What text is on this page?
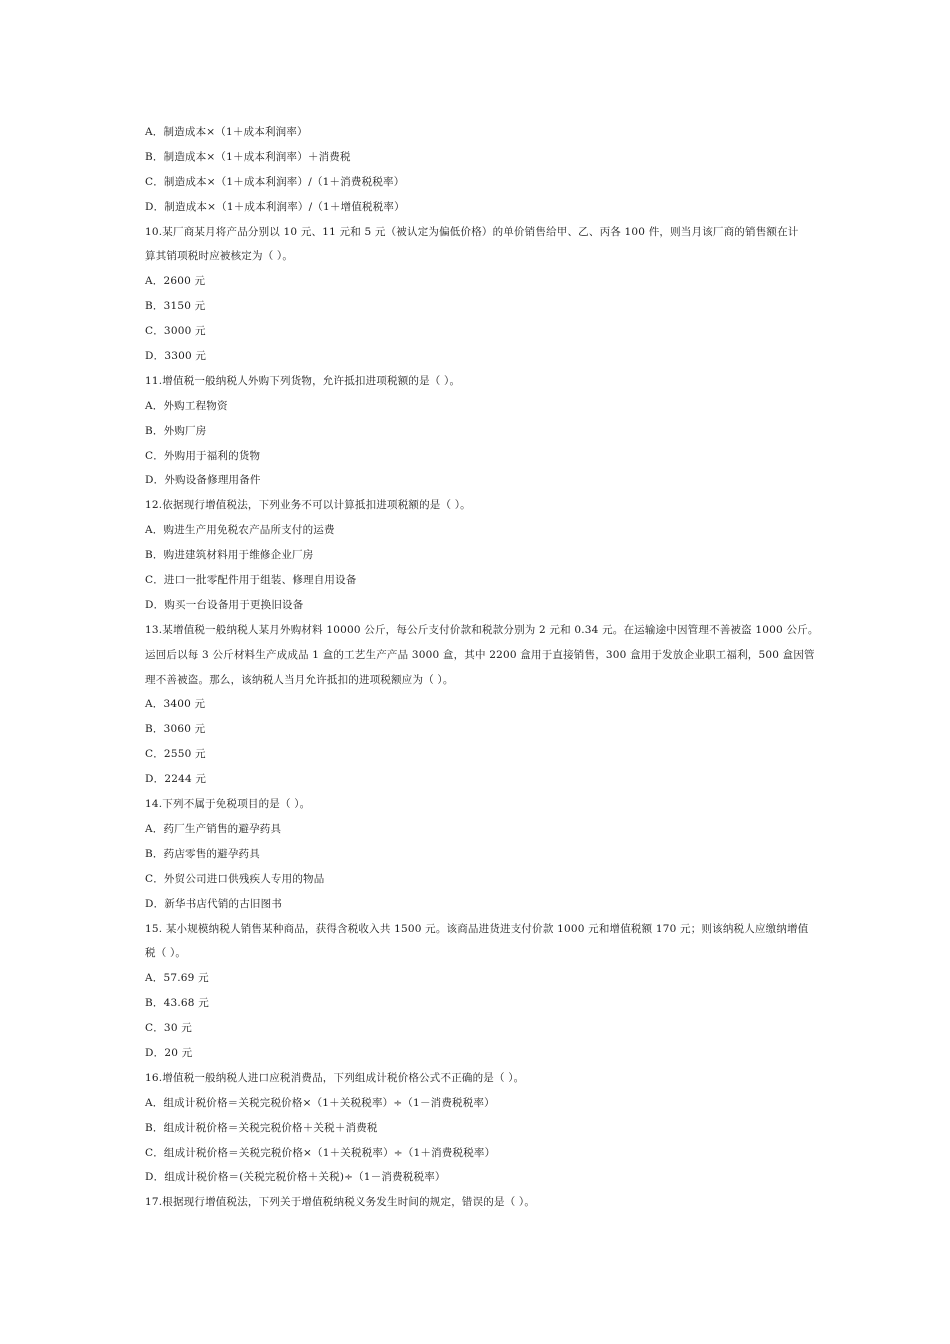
A．制造成本×（1＋成本利润率）
B．制造成本×（1＋成本利润率）＋消费税
C．制造成本×（1＋成本利润率）/（1＋消费税税率）
D．制造成本×（1＋成本利润率）/（1＋增值税税率）
10.某厂商某月将产品分别以 10 元、11 元和 5 元（被认定为偏低价格）的单价销售给甲、乙、丙各 100 件，则当月该厂商的销售额在计
算其销项税时应被核定为（ ）。
A．2600 元
B．3150 元
C．3000 元
D．3300 元
11.增值税一般纳税人外购下列货物，允许抵扣进项税额的是（ ）。
A．外购工程物资
B．外购厂房
C．外购用于福利的货物
D．外购设备修理用备件
12.依据现行增值税法，下列业务不可以计算抵扣进项税额的是（ ）。
A．购进生产用免税农产品所支付的运费
B．购进建筑材料用于维修企业厂房
C．进口一批零配件用于组装、修理自用设备
D．购买一台设备用于更换旧设备
13.某增值税一般纳税人某月外购材料 10000 公斤，每公斤支付价款和税款分别为 2 元和 0.34 元。在运输途中因管理不善被盗 1000 公斤。
运回后以每 3 公斤材料生产成成品 1 盒的工艺生产产品 3000 盒，其中 2200 盒用于直接销售，300 盒用于发放企业职工福利，500 盒因管
理不善被盗。那么，该纳税人当月允许抵扣的进项税额应为（ ）。
A．3400 元
B．3060 元
C．2550 元
D．2244 元
14.下列不属于免税项目的是（ ）。
A．药厂生产销售的避孕药具
B．药店零售的避孕药具
C．外贸公司进口供残疾人专用的物品
D．新华书店代销的古旧图书
15. 某小规模纳税人销售某种商品，获得含税收入共 1500 元。该商品进货进支付价款 1000 元和增值税额 170 元；则该纳税人应缴纳增值
税（ ）。
A．57.69 元
B．43.68 元
C．30 元
D．20 元
16.增值税一般纳税人进口应税消费品，下列组成计税价格公式不正确的是（ ）。
A．组成计税价格＝关税完税价格×（1＋关税税率）÷（1－消费税税率）
B．组成计税价格＝关税完税价格＋关税＋消费税
C．组成计税价格＝关税完税价格×（1＋关税税率）÷（1＋消费税税率）
D．组成计税价格＝(关税完税价格＋关税)÷（1－消费税税率）
17.根据现行增值税法，下列关于增值税纳税义务发生时间的规定，错误的是（ ）。
